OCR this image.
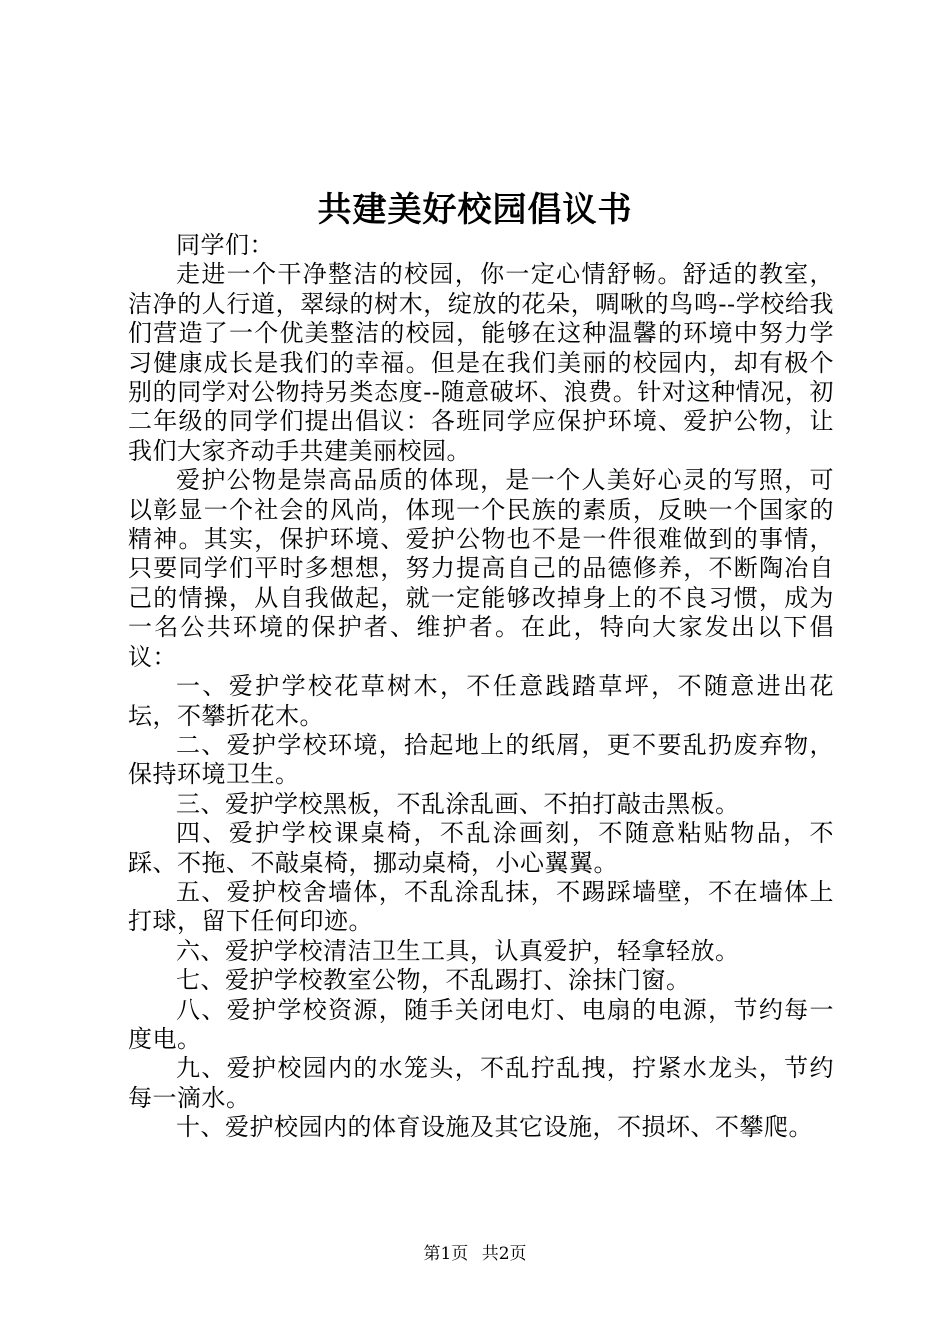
共建美好校园倡议书

同学们：

走进一个干净整洁的校园，你一定心情舒畅。舒适的教室，洁净的人行道，翠绿的树木，绽放的花朵，啁啾的鸟鸣--学校给我们营造了一个优美整洁的校园，能够在这种温馨的环境中努力学习健康成长是我们的幸福。但是在我们美丽的校园内，却有极个别的同学对公物持另类态度--随意破坏、浪费。针对这种情况，初二年级的同学们提出倡议：各班同学应保护环境、爱护公物，让我们大家齐动手共建美丽校园。

爱护公物是崇高品质的体现，是一个人美好心灵的写照，可以彰显一个社会的风尚，体现一个民族的素质，反映一个国家的精神。其实，保护环境、爱护公物也不是一件很难做到的事情，只要同学们平时多想想，努力提高自己的品德修养，不断陶冶自己的情操，从自我做起，就一定能够改掉身上的不良习惯，成为一名公共环境的保护者、维护者。在此，特向大家发出以下倡议：

一、爱护学校花草树木，不任意践踏草坪，不随意进出花坛，不攀折花木。

二、爱护学校环境，拾起地上的纸屑，更不要乱扔废弃物，保持环境卫生。

三、爱护学校黑板，不乱涂乱画、不拍打敲击黑板。

四、爱护学校课桌椅，不乱涂画刻，不随意粘贴物品，不踩、不拖、不敲桌椅，挪动桌椅，小心翼翼。

五、爱护校舍墙体，不乱涂乱抹，不踢踩墙壁，不在墙体上打球，留下任何印迹。

六、爱护学校清洁卫生工具，认真爱护，轻拿轻放。

七、爱护学校教室公物，不乱踢打、涂抹门窗。

八、爱护学校资源，随手关闭电灯、电扇的电源，节约每一度电。

九、爱护校园内的水笼头，不乱拧乱拽，拧紧水龙头，节约每一滴水。

十、爱护校园内的体育设施及其它设施，不损坏、不攀爬。

第1页 共2页
